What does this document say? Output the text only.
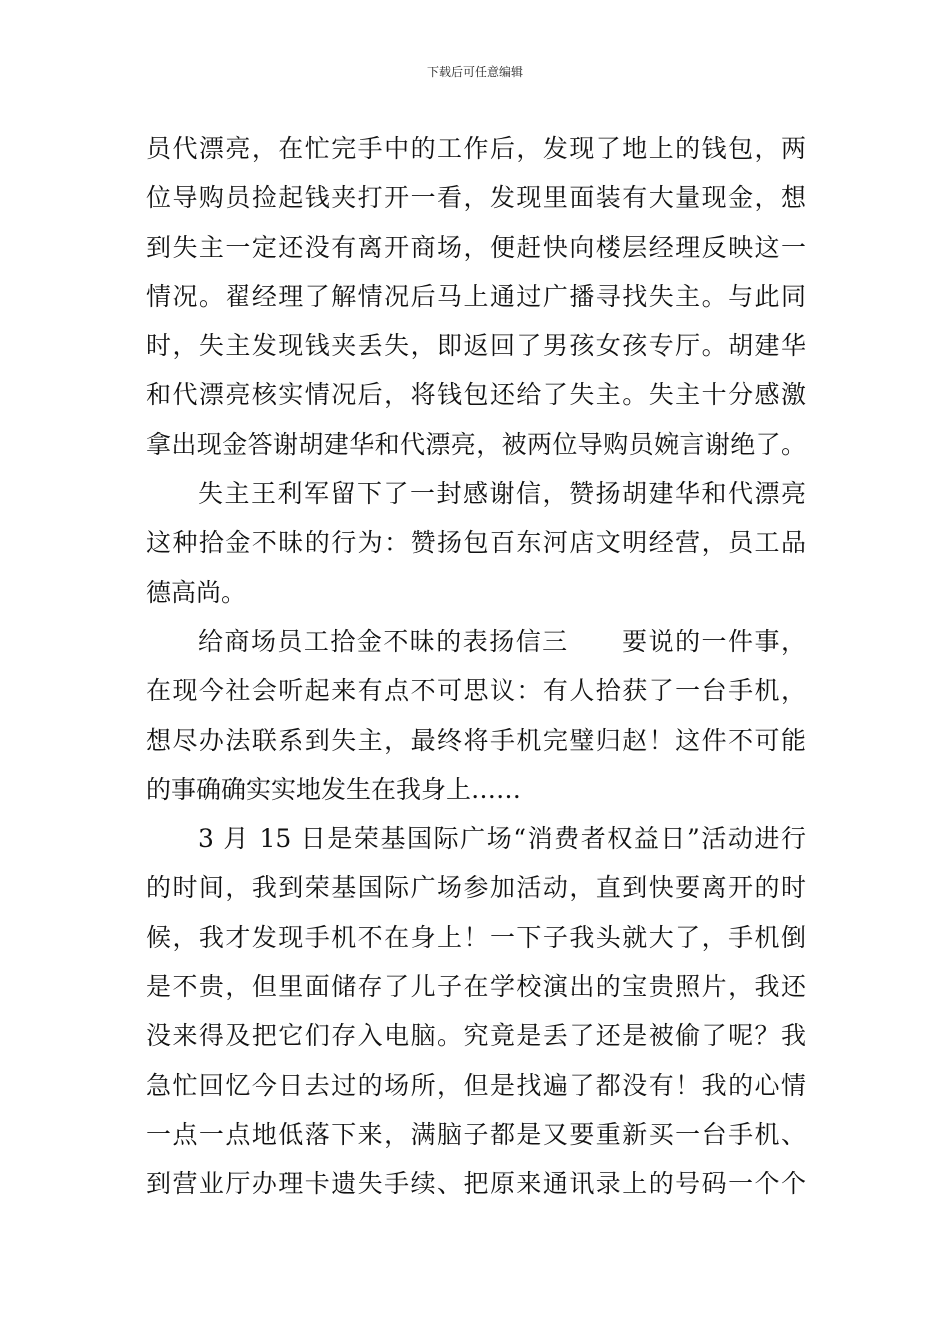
下载后可任意编辑
员代漂亮，在忙完手中的工作后，发现了地上的钱包，两
位导购员捡起钱夹打开一看，发现里面装有大量现金，想
到失主一定还没有离开商场，便赶快向楼层经理反映这一
情况。翟经理了解情况后马上通过广播寻找失主。与此同
时，失主发现钱夹丢失，即返回了男孩女孩专厅。胡建华
和代漂亮核实情况后，将钱包还给了失主。失主十分感激
拿出现金答谢胡建华和代漂亮，被两位导购员婉言谢绝了。
失主王利军留下了一封感谢信，赞扬胡建华和代漂亮
这种拾金不昧的行为：赞扬包百东河店文明经营，员工品
德高尚。
给商场员工拾金不昧的表扬信三 要说的一件事，
在现今社会听起来有点不可思议：有人拾获了一台手机，
想尽办法联系到失主，最终将手机完璧归赵！这件不可能
的事确确实实地发生在我身上……
3 月 15 日是荣基国际广场“消费者权益日”活动进行
的时间，我到荣基国际广场参加活动，直到快要离开的时
候，我才发现手机不在身上！一下子我头就大了，手机倒
是不贵，但里面储存了儿子在学校演出的宝贵照片，我还
没来得及把它们存入电脑。究竟是丢了还是被偷了呢？我
急忙回忆今日去过的场所，但是找遍了都没有！我的心情
一点一点地低落下来，满脑子都是又要重新买一台手机、
到营业厅办理卡遗失手续、把原来通讯录上的号码一个个
